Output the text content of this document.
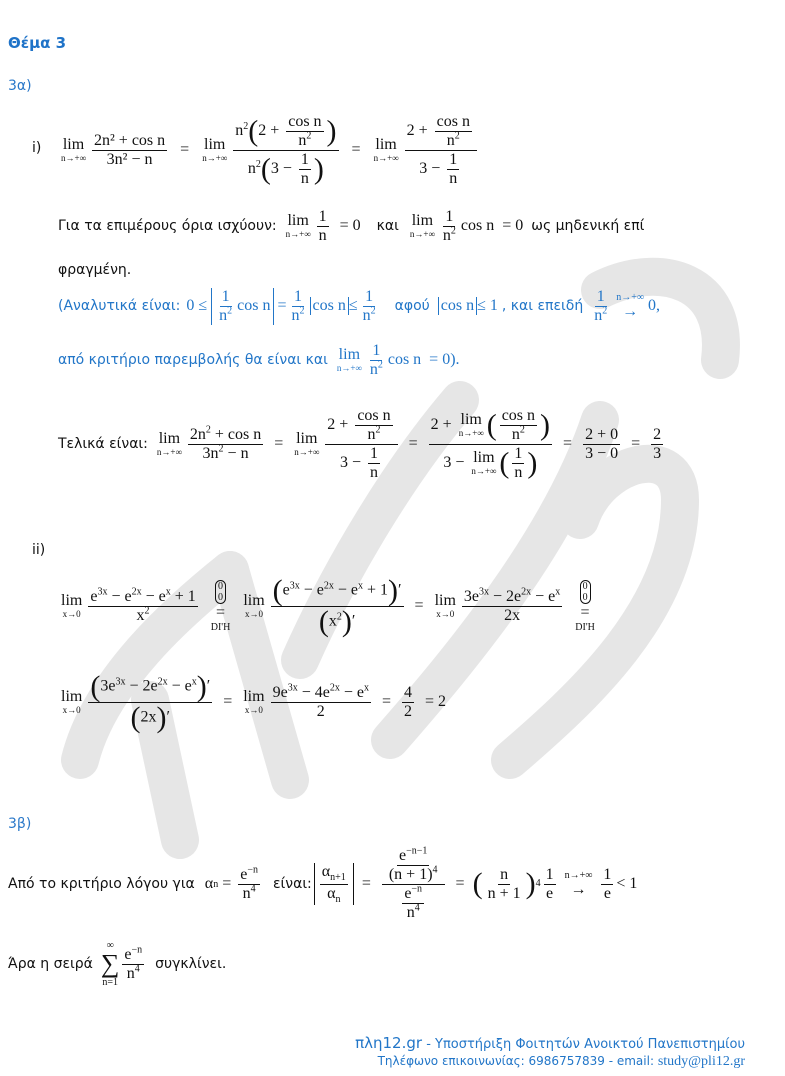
Θέμα 3
3α)
i) lim
$n\to+\infty \frac{\text{2n² + cos n}}{\text{3n² − n}} = \lim$
$n\to+\infty \frac{n^2(2 + \frac{\text{cos n}}{n^2} )}{n^2(3 - \frac{1}{n} )} = \lim$
$n\to+\infty \frac{2 + \frac{\text{cos n}}{n^2}}{3 - \frac{1}{n}}$
Για τα επιμέρους όρια ισχύουν: lim
$n\to+\infty \frac{1}{n} = 0$ και lim
$n\to+\infty \frac{1}{n^2}$ cos n = 0 ως μηδενική επί
φραγμένη.
(Αναλυτικά είναι: $0 \le \frac{1}{n^2}$ $\cos n = \frac{1}{n^2}$ $\cos n \le \frac{1}{n^2}$ αφού cos n ≤ 1 , και επειδή $\frac{1}{n^2} n\to+\infty$
→ 0,
από κριτήριο παρεμβολής θα είναι και lim
$n\to+\infty \frac{1}{n^2}$ cos n = 0).
Τελικά είναι: lim
$n\to+\infty \frac{2n^2 + \cos n}{3n^2 - n} = \lim$
$n\to+\infty \frac{2 + \frac{\text{cos n}}{n^2}}{3 - \frac{1}{n}} = 2 + \lim$
n→+∞ ( $\frac{\text{cos n}}{n^2}$ )
3 − lim
n→+∞ ( $\frac{1}{n}$ ) = $\frac{2 + 0}{3 - 0} = \frac{2}{3}$
ii)
lim
$x\to 0 \frac{e^{3x} - e^{2x} - e^x + 1}{x^2}$
0
0
=
DI'H
lim
$x\to 0 \frac{(e^{3x} - e^{2x} - e^x + 1)'}{(x^2)'} = \lim$
$x\to 0 \frac{3e^{3x} - 2e^{2x} - e^x}{2x}$
0
0
=
DI'H
lim
$x\to 0 \frac{(3e^{3x} - 2e^{2x} - e^x)'}{(2x)'} = \lim$
$x\to 0 \frac{9e^{3x} - 4e^{2x} - e^x}{2} = \frac{4}{2} = 2$
3β)
Από το κριτήριο λόγου για α $n = \frac{e^{-n}}{n^4} \varepsilon ί\nu\alpha\iota$: $\frac{\alpha_{n+1}}{\alpha_n} = \frac{\frac{e^{-n-1}}{(n + 1)^4}}{\frac{e^{-n}}{n^4}}$ = ( $\frac{n}{n + 1}$ ) $4 \frac{1}{e} n\to+\infty$
→ $\frac{1}{e} < 1$
Άρα η σειρά
∞
∑
$n=1 \frac{e^{-n}}{n^4} \sigma\upsilon\gamma\kappa\lambda ί\nu\varepsilon\iota$.
πλη12.gr - Υποστήριξη Φοιτητών Ανοικτού Πανεπιστημίου
Τηλέφωνο επικοινωνίας: 6986757839 - email: study@pli12.gr
